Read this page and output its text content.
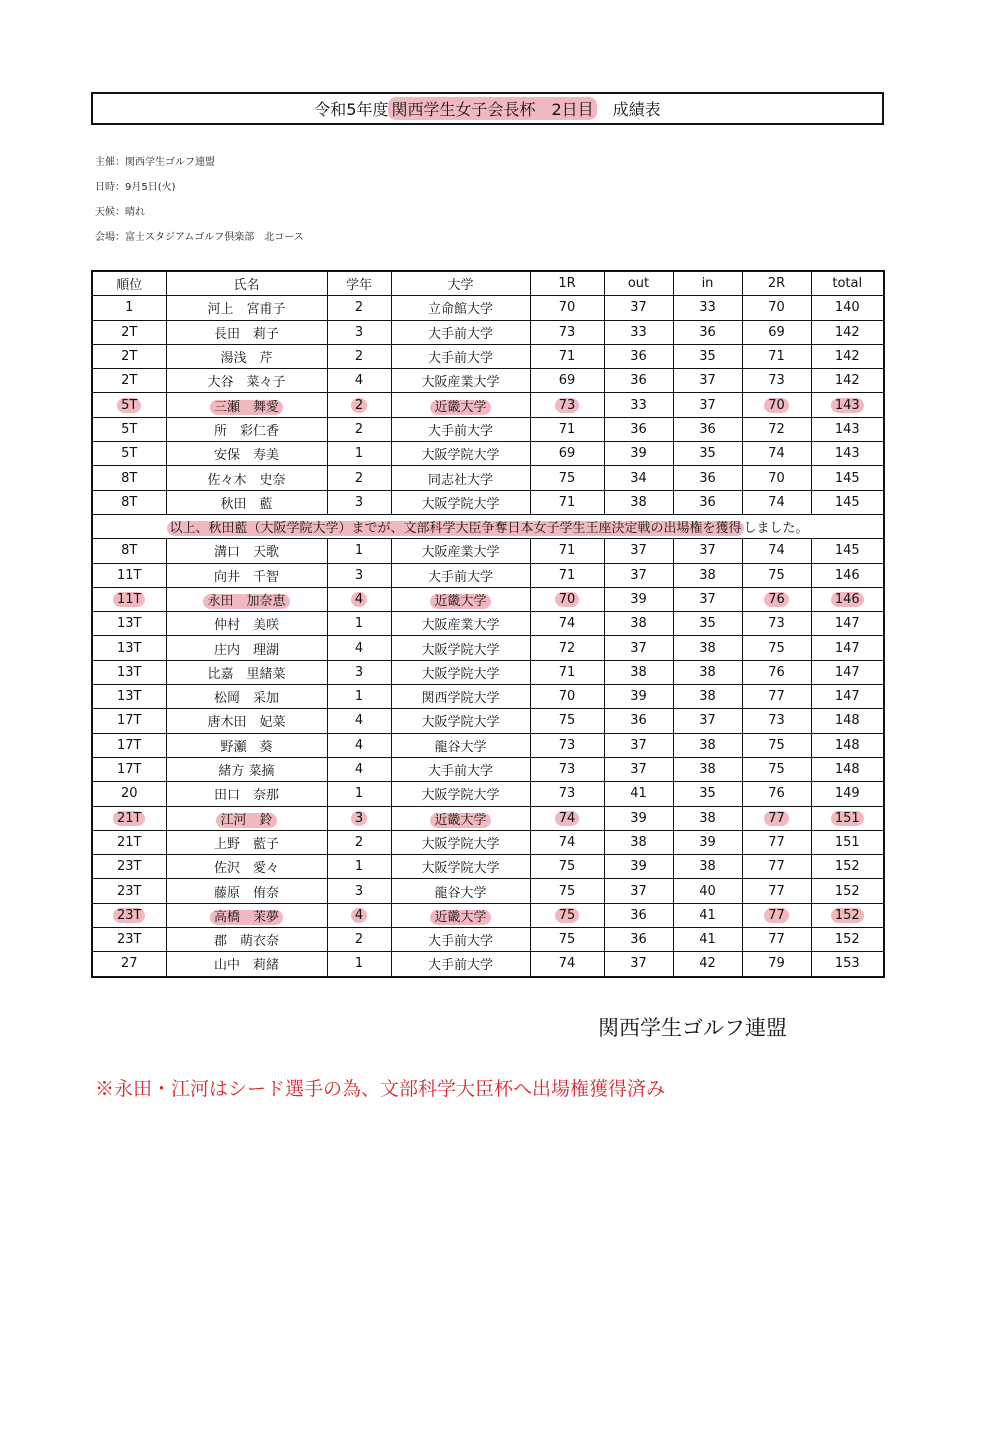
令和5年度 関西学生女子会長杯　2日目 成績表
主催：関西学生ゴルフ連盟
日時：9月5日(火)
天候：晴れ
会場：富士スタジアムゴルフ倶楽部　北コース
順位	氏名	学年	大学	1R	out	in	2R	total
1	河上　宮甫子	2	立命館大学	70	37	33	70	140
2T	長田　莉子	3	大手前大学	73	33	36	69	142
2T	湯浅　芹	2	大手前大学	71	36	35	71	142
2T	大谷　菜々子	4	大阪産業大学	69	36	37	73	142
5T	三瀬　舞愛	2	近畿大学	73	33	37	70	143
5T	所　彩仁香	2	大手前大学	71	36	36	72	143
5T	安保　寿美	1	大阪学院大学	69	39	35	74	143
8T	佐々木　史奈	2	同志社大学	75	34	36	70	145
8T	秋田　藍	3	大阪学院大学	71	38	36	74	145
以上、秋田藍（大阪学院大学）までが、文部科学大臣争奪日本女子学生王座決定戦の出場権を獲得 しました。								
8T	溝口　天歌	1	大阪産業大学	71	37	37	74	145
11T	向井　千智	3	大手前大学	71	37	38	75	146
11T	永田　加奈恵	4	近畿大学	70	39	37	76	146
13T	仲村　美咲	1	大阪産業大学	74	38	35	73	147
13T	庄内　理湖	4	大阪学院大学	72	37	38	75	147
13T	比嘉　里緒菜	3	大阪学院大学	71	38	38	76	147
13T	松岡　采加	1	関西学院大学	70	39	38	77	147
17T	唐木田　妃菜	4	大阪学院大学	75	36	37	73	148
17T	野瀬　葵	4	龍谷大学	73	37	38	75	148
17T	緒方 菜摘	4	大手前大学	73	37	38	75	148
20	田口　奈那	1	大阪学院大学	73	41	35	76	149
21T	江河　鈴	3	近畿大学	74	39	38	77	151
21T	上野　藍子	2	大阪学院大学	74	38	39	77	151
23T	佐沢　愛々	1	大阪学院大学	75	39	38	77	152
23T	藤原　侑奈	3	龍谷大学	75	37	40	77	152
23T	高橋　茉夢	4	近畿大学	75	36	41	77	152
23T	郡　萌衣奈	2	大手前大学	75	36	41	77	152
27	山中　莉緒	1	大手前大学	74	37	42	79	153
関西学生ゴルフ連盟
※永田・江河はシード選手の為、文部科学大臣杯へ出場権獲得済み
